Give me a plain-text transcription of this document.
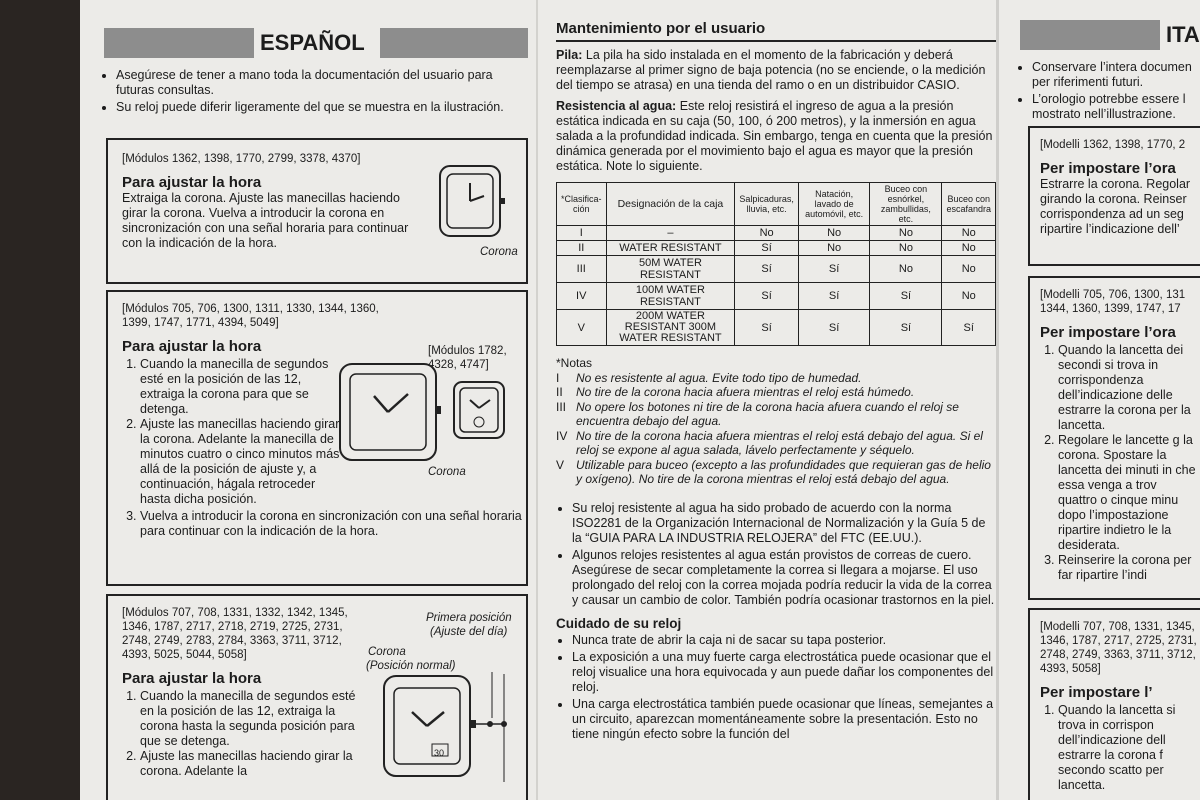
ESPAÑOL
• Asegúrese de tener a mano toda la documentación del usuario para futuras consultas.
• Su reloj puede diferir ligeramente del que se muestra en la ilustración.
[Módulos 1362, 1398, 1770, 2799, 3378, 4370]
Para ajustar la hora
Extraiga la corona. Ajuste las manecillas haciendo girar la corona. Vuelva a introducir la corona en sincronización con una señal horaria para continuar con la indicación de la hora.
Corona
[Módulos 705, 706, 1300, 1311, 1330, 1344, 1360, 1399, 1747, 1771, 4394, 5049]
[Módulos 1782, 4328, 4747]
Para ajustar la hora
1. Cuando la manecilla de segundos esté en la posición de las 12, extraiga la corona para que se detenga.
2. Ajuste las manecillas haciendo girar la corona. Adelante la manecilla de minutos cuatro o cinco minutos más allá de la posición de ajuste y, a continuación, hágala retroceder hasta dicha posición.
3. Vuelva a introducir la corona en sincronización con una señal horaria para continuar con la indicación de la hora.
Corona
[Módulos 707, 708, 1331, 1332, 1342, 1345, 1346, 1787, 2717, 2718, 2719, 2725, 2731, 2748, 2749, 2783, 2784, 3363, 3711, 3712, 4393, 5025, 5044, 5058]
Para ajustar la hora
1. Cuando la manecilla de segundos esté en la posición de las 12, extraiga la corona hasta la segunda posición para que se detenga.
2. Ajuste las manecillas haciendo girar la corona. Adelante la
Primera posición
(Ajuste del día)
Corona
(Posición normal)
30
Mantenimiento por el usuario
Pila: La pila ha sido instalada en el momento de la fabricación y deberá reemplazarse al primer signo de baja potencia (no se enciende, o la medición del tiempo se atrasa) en una tienda del ramo o en un distribuidor CASIO.
Resistencia al agua: Este reloj resistirá el ingreso de agua a la presión estática indicada en su caja (50, 100, ó 200 metros), y la inmersión en agua salada a la profundidad indicada. Sin embargo, tenga en cuenta que la presión dinámica generada por el movimiento bajo el agua es mayor que la presión estática. Note lo siguiente.
*Clasifica-ción	Designación de la caja	Salpicaduras, lluvia, etc.	Natación, lavado de automóvil, etc.	Buceo con esnórkel, zambullidas, etc.	Buceo con escafandra
I	–	No	No	No	No
II	WATER RESISTANT	Sí	No	No	No
III	50M WATER RESISTANT	Sí	Sí	No	No
IV	100M WATER RESISTANT	Sí	Sí	Sí	No
V	200M WATER RESISTANT 300M WATER RESISTANT	Sí	Sí	Sí	Sí
*Notas
I	No es resistente al agua. Evite todo tipo de humedad.
II	No tire de la corona hacia afuera mientras el reloj está húmedo.
III No opere los botones ni tire de la corona hacia afuera cuando el reloj se encuentra debajo del agua.
IV No tire de la corona hacia afuera mientras el reloj está debajo del agua. Si el reloj se expone al agua salada, lávelo perfectamente y séquelo.
V Utilizable para buceo (excepto a las profundidades que requieran gas de helio y oxígeno). No tire de la corona mientras el reloj está debajo del agua.
• Su reloj resistente al agua ha sido probado de acuerdo con la norma ISO2281 de la Organización Internacional de Normalización y la Guía 5 de la “GUIA PARA LA INDUSTRIA RELOJERA” del FTC (EE.UU.).
• Algunos relojes resistentes al agua están provistos de correas de cuero. Asegúrese de secar completamente la correa si llegara a mojarse. El uso prolongado del reloj con la correa mojada podría reducir la vida de la correa y causar un cambio de color. También podría ocasionar trastornos en la piel.
Cuidado de su reloj
• Nunca trate de abrir la caja ni de sacar su tapa posterior.
• La exposición a una muy fuerte carga electrostática puede ocasionar que el reloj visualice una hora equivocada y aun puede dañar los componentes del reloj.
• Una carga electrostática también puede ocasionar que líneas, semejantes a un circuito, aparezcan momentáneamente sobre la presentación. Esto no tiene ningún efecto sobre la función del
ITA
• Conservare l’intera documen per riferimenti futuri.
• L’orologio potrebbe essere l mostrato nell’illustrazione.
[Modelli 1362, 1398, 1770, 2
Per impostare l’ora
Estrarre la corona. Regolar girando la corona. Reinser corrispondenza ad un seg ripartire l’indicazione dell’
[Modelli 705, 706, 1300, 131 1344, 1360, 1399, 1747, 17
Per impostare l’ora
1. Quando la lancetta dei secondi si trova in corrispondenza dell’indicazione delle estrarre la corona per la lancetta.
2. Regolare le lancette g la corona. Spostare la lancetta dei minuti in che essa venga a trov quattro o cinque minu dopo l’impostazione ripartire indietro le la desiderata.
3. Reinserire la corona per far ripartire l’indi
[Modelli 707, 708, 1331, 1345, 1346, 1787, 2717, 2725, 2731, 2748, 2749, 3363, 3711, 3712, 4393, 5058]
Per impostare l’
1. Quando la lancetta si trova in corrispon dell’indicazione dell estrarre la corona f secondo scatto per lancetta.
